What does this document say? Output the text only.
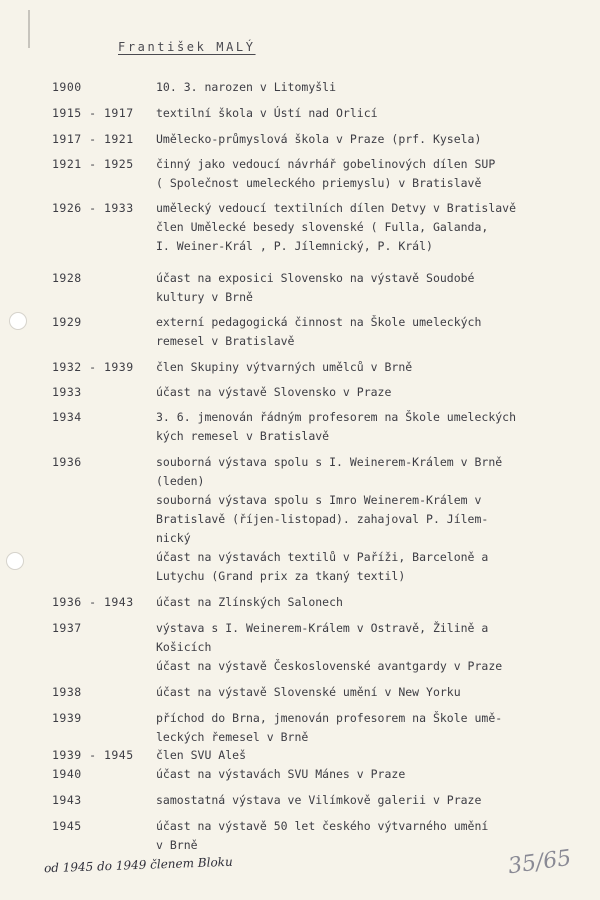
František MALÝ
1900	10. 3. narozen v Litomyšli
1915 - 1917 textilní škola v Ústí nad Orlicí
1917 - 1921 Umělecko-průmyslová škola v Praze (prf. Kysela)
1921 - 1925 činný jako vedoucí návrhář gobelinových dílen SUP
( Společnost umeleckého priemyslu) v Bratislavě
1926 - 1933 umělecký vedoucí textilních dílen Detvy v Bratislavě
člen Umělecké besedy slovenské ( Fulla, Galanda,
I. Weiner-Král , P. Jílemnický, P. Král)
1928	účast na exposici Slovensko na výstavě Soudobé
kultury v Brně
1929	externí pedagogická činnost na Škole umeleckých
remesel v Bratislavě
1932 - 1939 člen Skupiny výtvarných umělců v Brně
1933	účast na výstavě Slovensko v Praze
1934	3. 6. jmenován řádným profesorem na Škole umeleckých
kých remesel v Bratislavě
1936	souborná výstava spolu s I. Weinerem-Králem v Brně
(leden)
souborná výstava spolu s Imro Weinerem-Králem v
Bratislavě (říjen-listopad). zahajoval P. Jílem-
nický
účast na výstavách textilů v Paříži, Barceloně a
Lutychu (Grand prix za tkaný textil)
1936 - 1943 účast na Zlínských Salonech
1937	výstava s I. Weinerem-Králem v Ostravě, Žilině a
Košicích
účast na výstavě Československé avantgardy v Praze
1938	účast na výstavě Slovenské umění v New Yorku
1939	příchod do Brna, jmenován profesorem na Škole umě-
leckých řemesel v Brně
1939 - 1945 člen SVU Aleš
1940	účast na výstavách SVU Mánes v Praze
1943	samostatná výstava ve Vilímkově galerii v Praze
1945	účast na výstavě 50 let českého výtvarného umění
v Brně
od 1945 do 1949 členem Bloku	35/65
